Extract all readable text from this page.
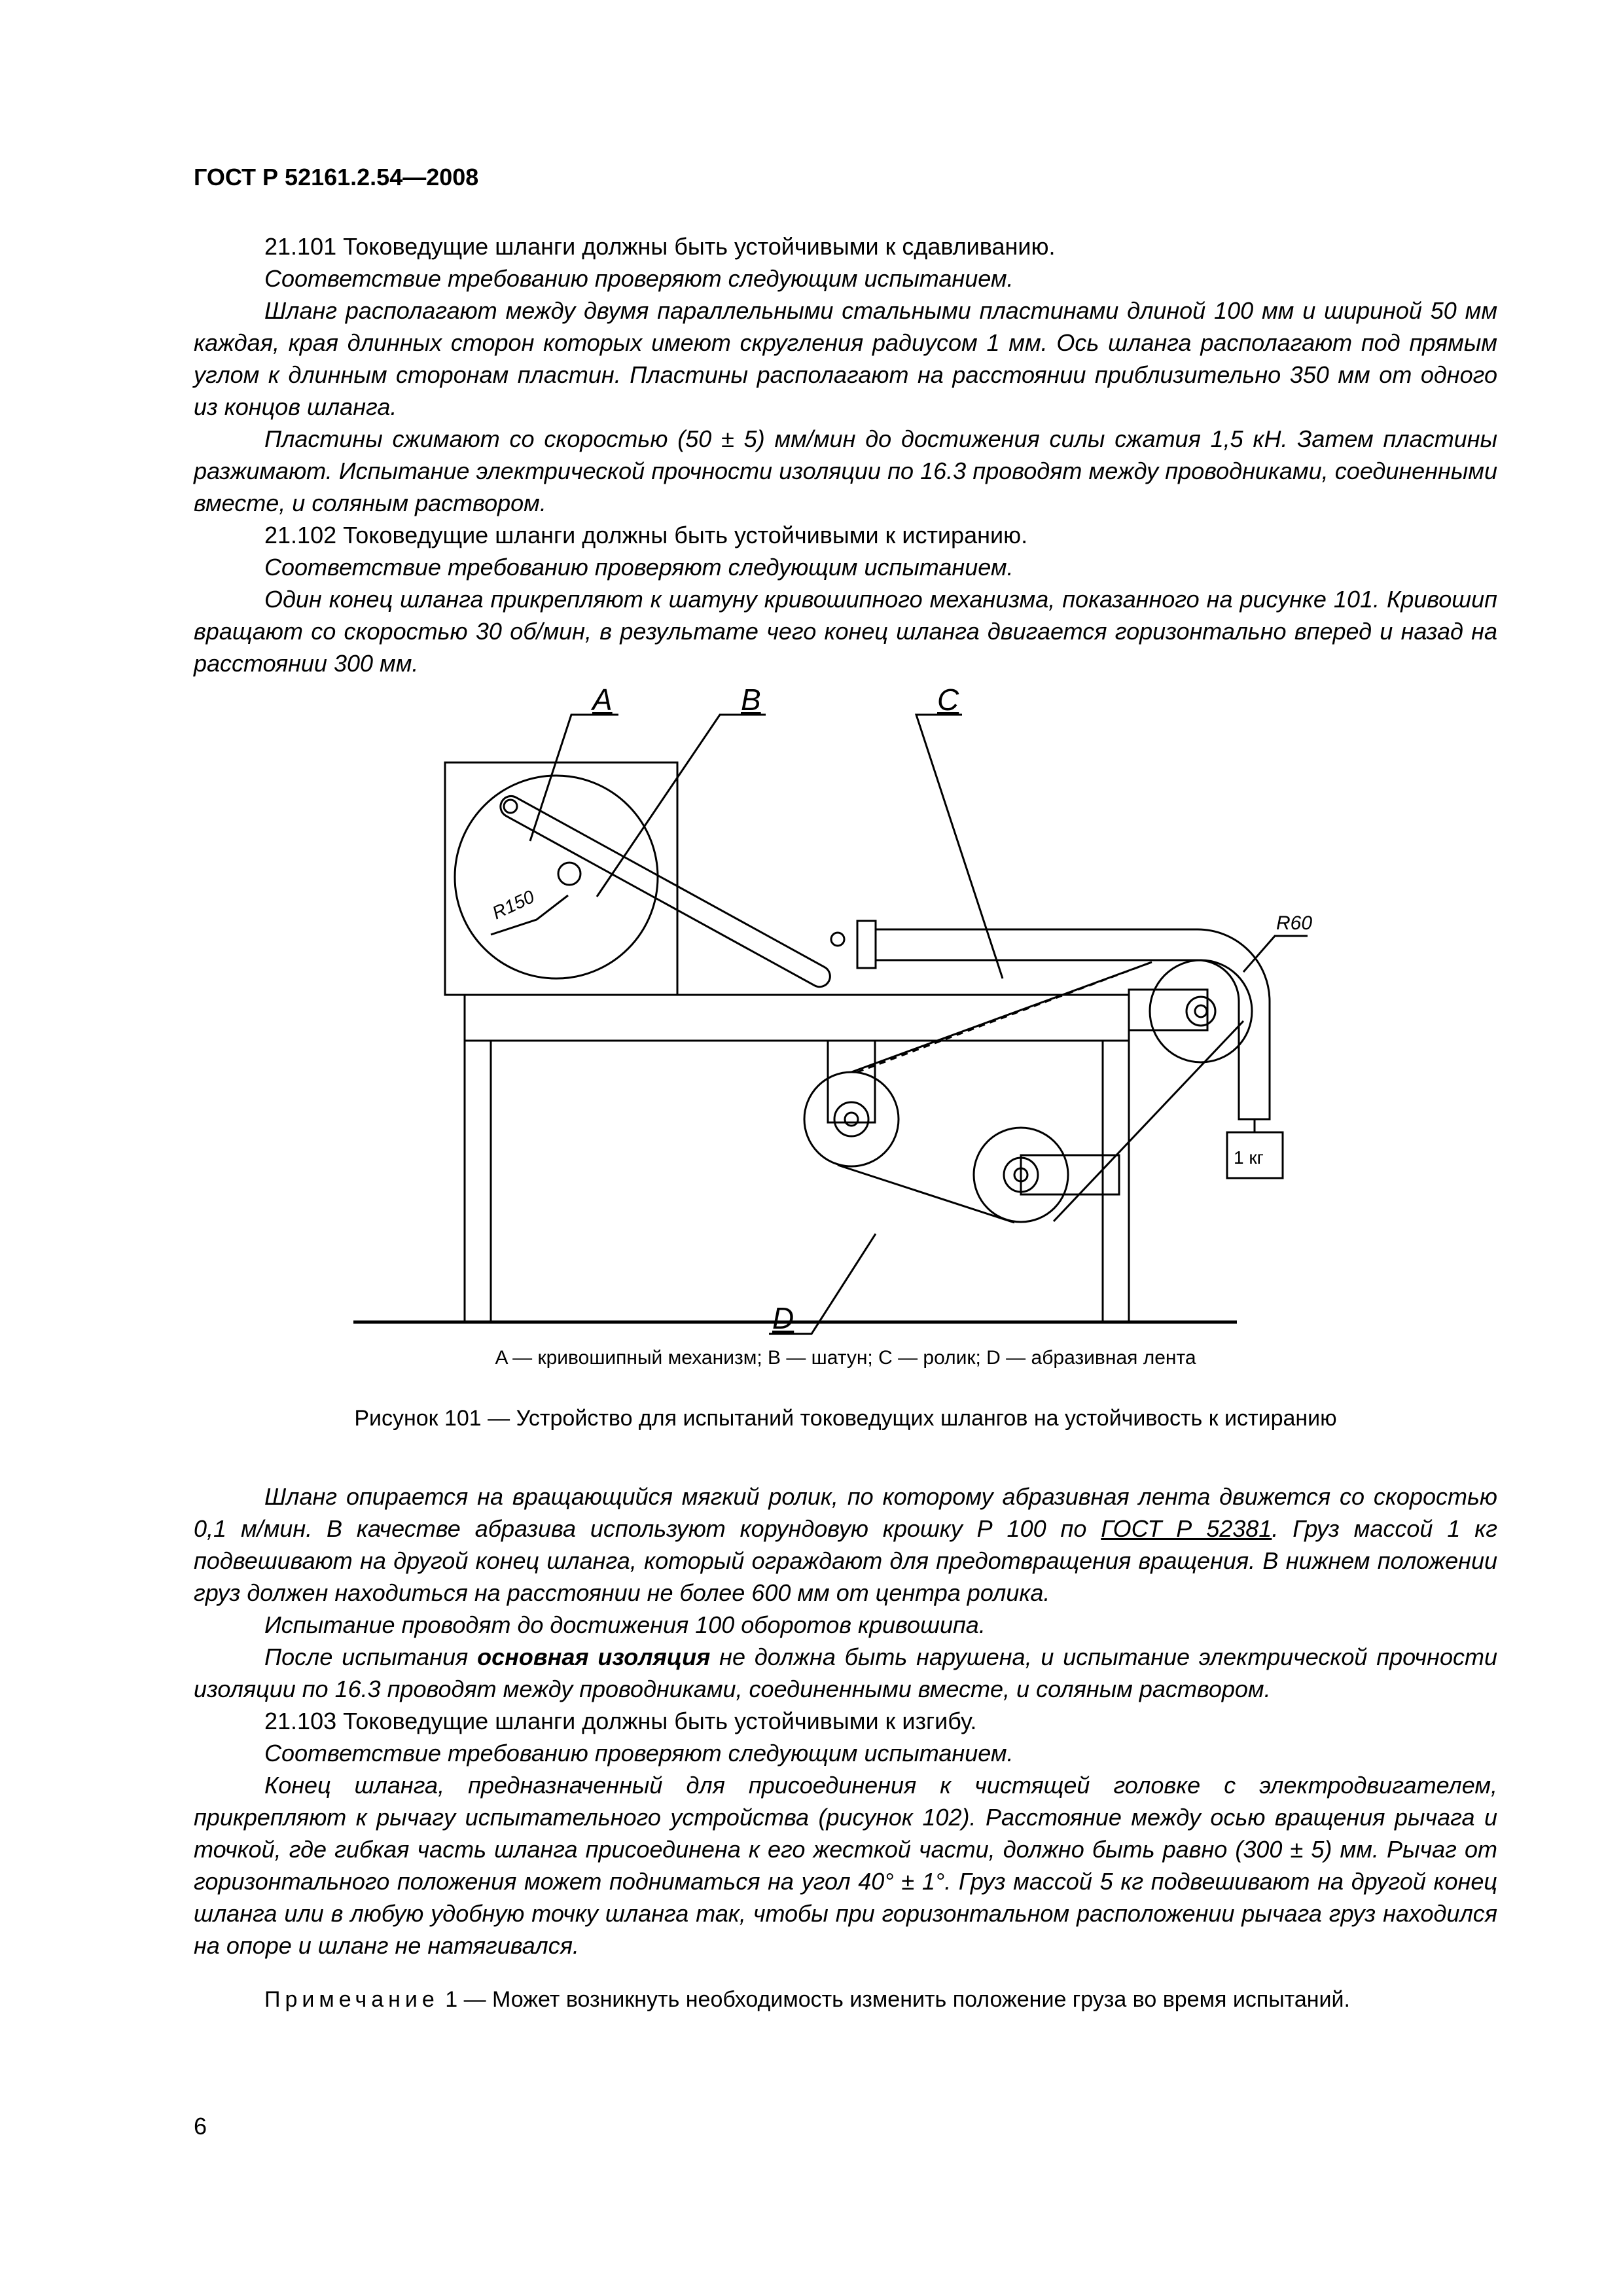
ГОСТ Р 52161.2.54—2008

21.101 Токоведущие шланги должны быть устойчивыми к сдавливанию.

Соответствие требованию проверяют следующим испытанием.

Шланг располагают между двумя параллельными стальными пластинами длиной 100 мм и шириной 50 мм каждая, края длинных сторон которых имеют скругления радиусом 1 мм. Ось шланга располагают под прямым углом к длинным сторонам пластин. Пластины располагают на расстоянии приблизительно 350 мм от одного из концов шланга.

Пластины сжимают со скоростью (50 ± 5) мм/мин до достижения силы сжатия 1,5 кН. Затем пластины разжимают. Испытание электрической прочности изоляции по 16.3 проводят между проводниками, соединенными вместе, и соляным раствором.

21.102 Токоведущие шланги должны быть устойчивыми к истиранию.

Соответствие требованию проверяют следующим испытанием.

Один конец шланга прикрепляют к шатуну кривошипного механизма, показанного на рисунке 101. Кривошип вращают со скоростью 30 об/мин, в результате чего конец шланга двигается горизонтально вперед и назад на расстоянии 300 мм.

A	B	C
D
R60
R150
1 кг
A — кривошипный механизм; B — шатун; C — ролик; D — абразивная лента
Рисунок 101 — Устройство для испытаний токоведущих шлангов на устойчивость к истиранию

Шланг опирается на вращающийся мягкий ролик, по которому абразивная лента движется со скоростью 0,1 м/мин. В качестве абразива используют корундовую крошку Р 100 по ГОСТ Р 52381. Груз массой 1 кг подвешивают на другой конец шланга, который ограждают для предотвращения вращения. В нижнем положении груз должен находиться на расстоянии не более 600 мм от центра ролика.

Испытание проводят до достижения 100 оборотов кривошипа.

После испытания основная изоляция не должна быть нарушена, и испытание электрической прочности изоляции по 16.3 проводят между проводниками, соединенными вместе, и соляным раствором.

21.103 Токоведущие шланги должны быть устойчивыми к изгибу.

Соответствие требованию проверяют следующим испытанием.

Конец шланга, предназначенный для присоединения к чистящей головке с электродвигателем, прикрепляют к рычагу испытательного устройства (рисунок 102). Расстояние между осью вращения рычага и точкой, где гибкая часть шланга присоединена к его жесткой части, должно быть равно (300 ± 5) мм. Рычаг от горизонтального положения может подниматься на угол 40° ± 1°. Груз массой 5 кг подвешивают на другой конец шланга или в любую удобную точку шланга так, чтобы при горизонтальном расположении рычага груз находился на опоре и шланг не натягивался.

Примечание 1 — Может возникнуть необходимость изменить положение груза во время испытаний.

6
